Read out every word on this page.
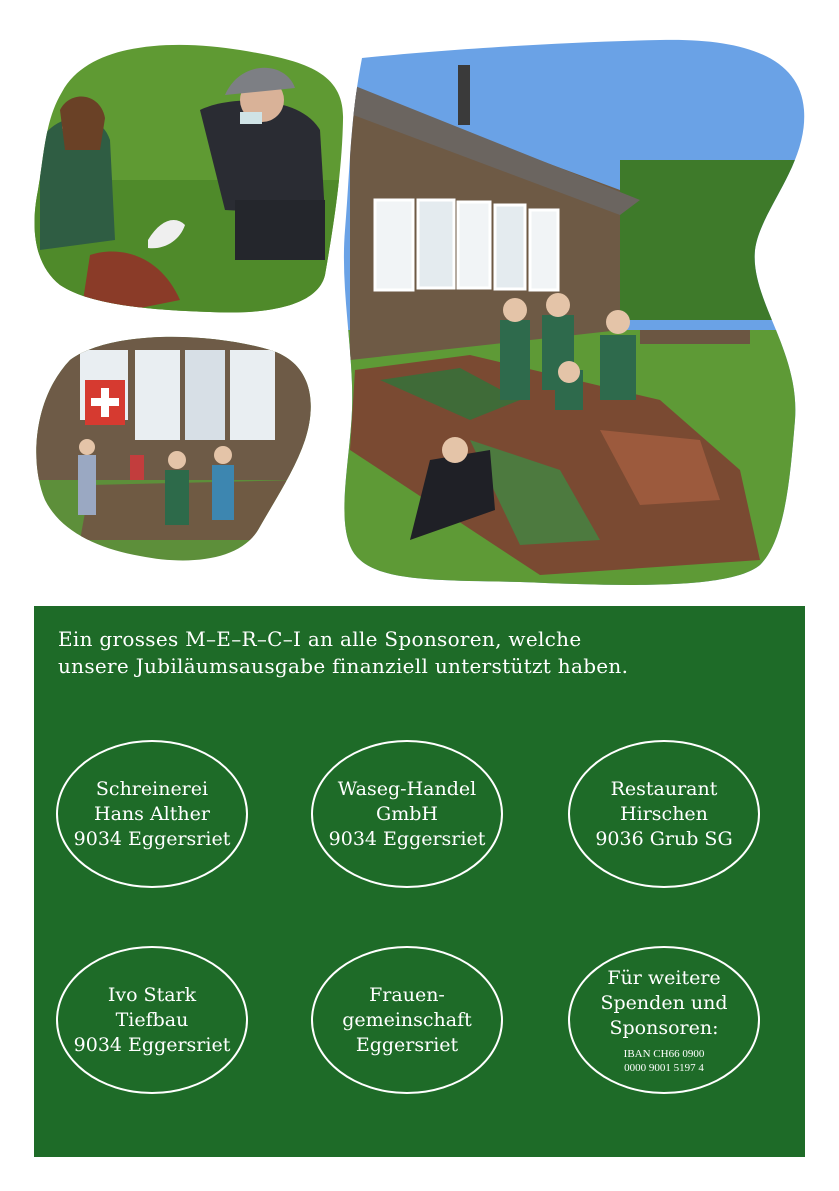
Ein grosses M–E–R–C–I an alle Sponsoren, welche
unsere Jubiläumsausgabe finanziell unterstützt haben.
Schreinerei
Hans Alther
9034 Eggersriet
Waseg-Handel
GmbH
9034 Eggersriet
Restaurant
Hirschen
9036 Grub SG
Ivo Stark
Tiefbau
9034 Eggersriet
Frauen-
gemeinschaft
Eggersriet
Für weitere
Spenden und
Sponsoren:
IBAN CH66 0900
0000 9001 5197 4
